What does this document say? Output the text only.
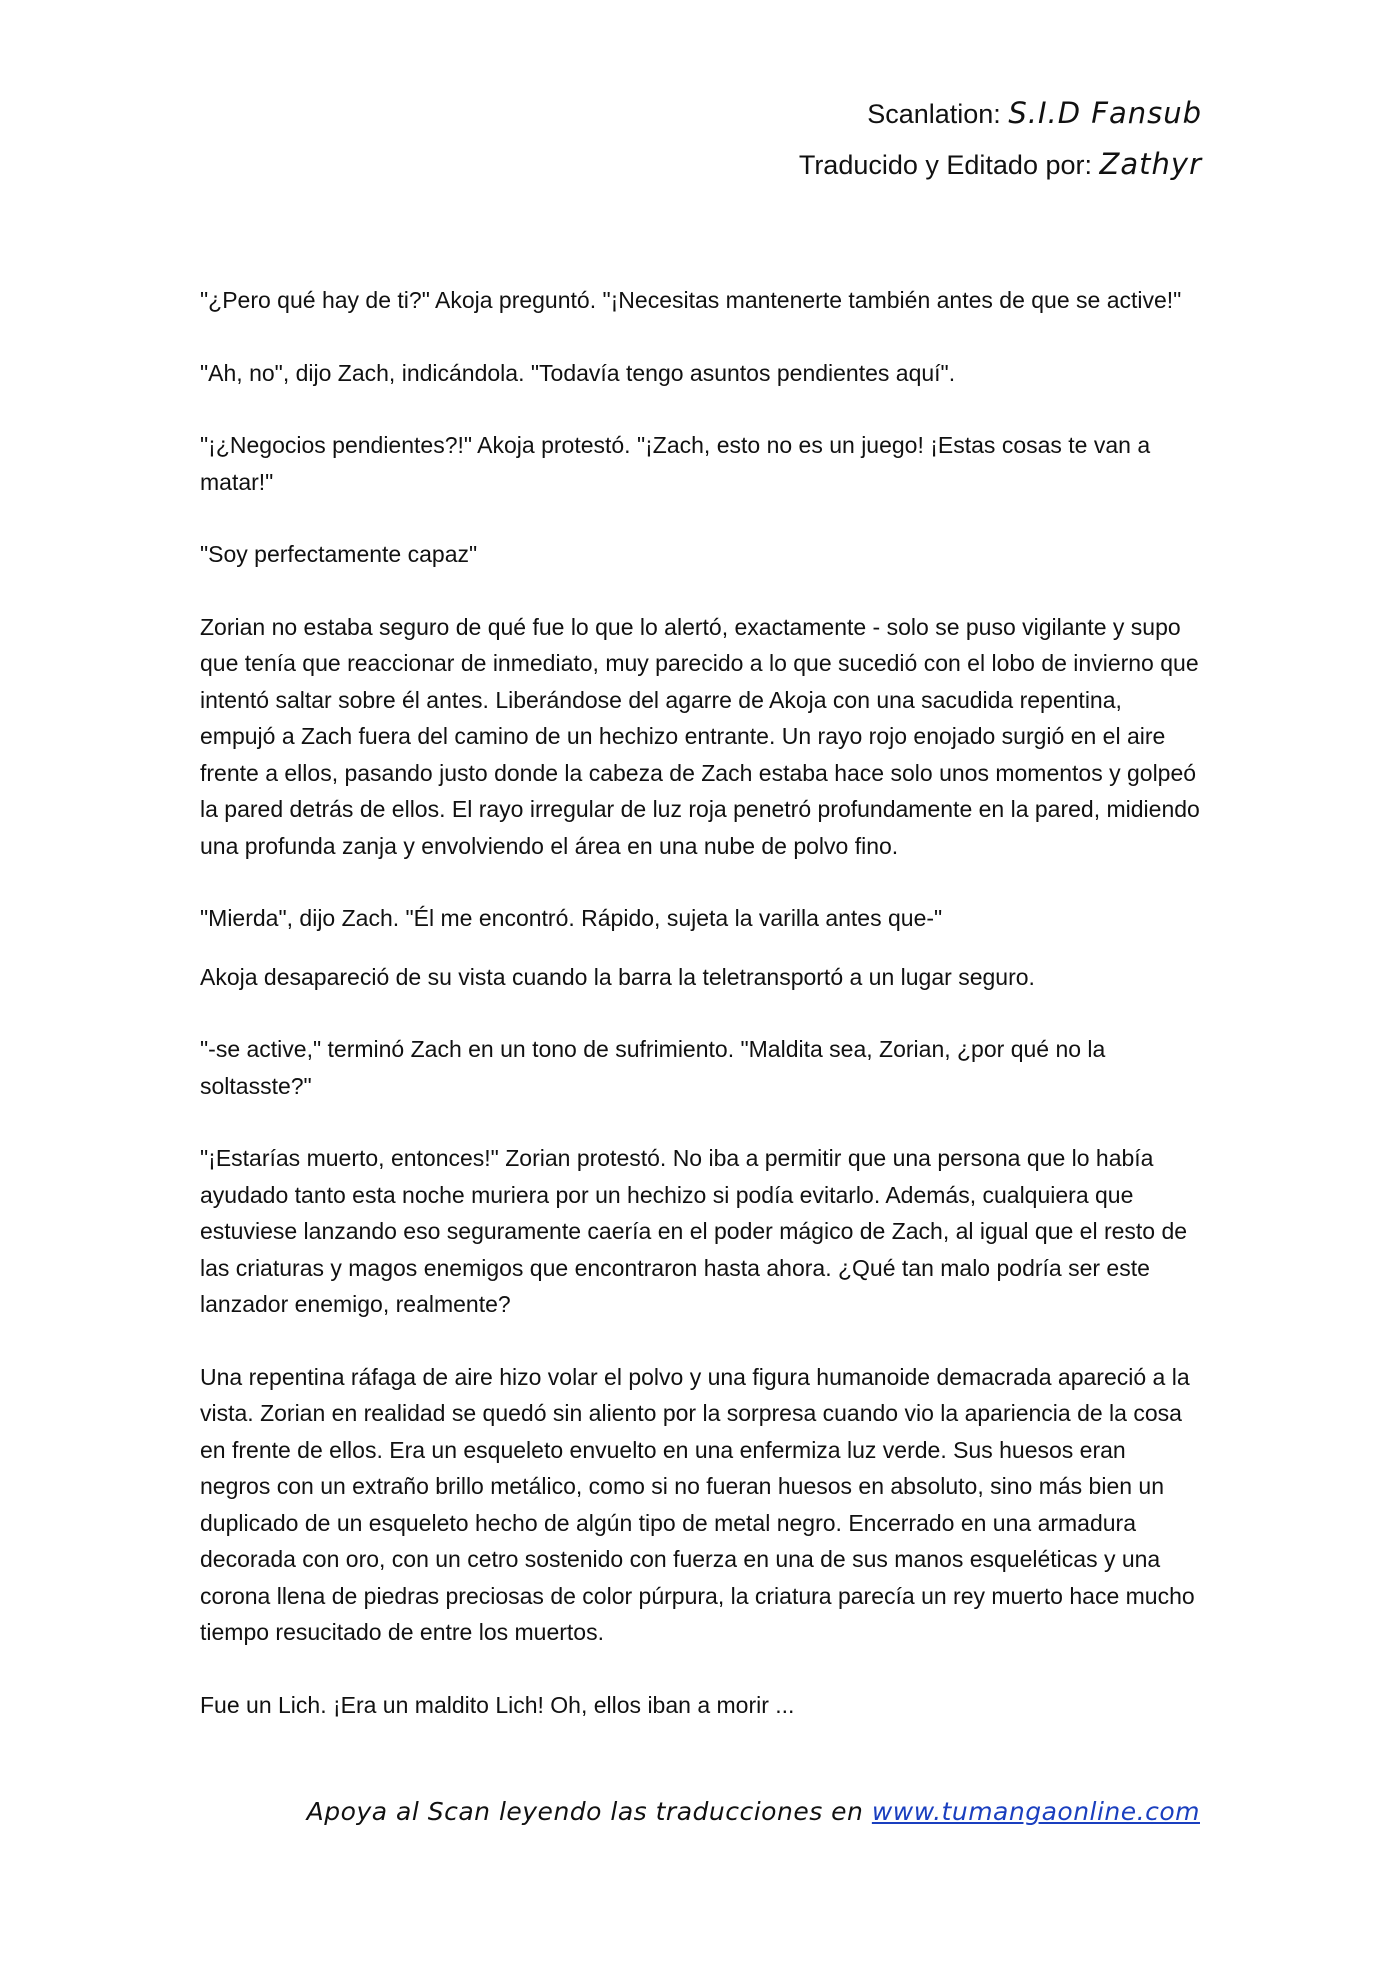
Scanlation: S.I.D Fansub
Traducido y Editado por: Zathyr

"¿Pero qué hay de ti?" Akoja preguntó. "¡Necesitas mantenerte también antes de que se active!"

"Ah, no", dijo Zach, indicándola. "Todavía tengo asuntos pendientes aquí".

"¡¿Negocios pendientes?!" Akoja protestó. "¡Zach, esto no es un juego! ¡Estas cosas te van a matar!"

"Soy perfectamente capaz"

Zorian no estaba seguro de qué fue lo que lo alertó, exactamente - solo se puso vigilante y supo que tenía que reaccionar de inmediato, muy parecido a lo que sucedió con el lobo de invierno que intentó saltar sobre él antes. Liberándose del agarre de Akoja con una sacudida repentina, empujó a Zach fuera del camino de un hechizo entrante. Un rayo rojo enojado surgió en el aire frente a ellos, pasando justo donde la cabeza de Zach estaba hace solo unos momentos y golpeó la pared detrás de ellos. El rayo irregular de luz roja penetró profundamente en la pared, midiendo una profunda zanja y envolviendo el área en una nube de polvo fino.

"Mierda", dijo Zach. "Él me encontró. Rápido, sujeta la varilla antes que-"

Akoja desapareció de su vista cuando la barra la teletransportó a un lugar seguro.

"-se active," terminó Zach en un tono de sufrimiento. "Maldita sea, Zorian, ¿por qué no la soltasste?"

"¡Estarías muerto, entonces!" Zorian protestó. No iba a permitir que una persona que lo había ayudado tanto esta noche muriera por un hechizo si podía evitarlo. Además, cualquiera que estuviese lanzando eso seguramente caería en el poder mágico de Zach, al igual que el resto de las criaturas y magos enemigos que encontraron hasta ahora. ¿Qué tan malo podría ser este lanzador enemigo, realmente?

Una repentina ráfaga de aire hizo volar el polvo y una figura humanoide demacrada apareció a la vista. Zorian en realidad se quedó sin aliento por la sorpresa cuando vio la apariencia de la cosa en frente de ellos. Era un esqueleto envuelto en una enfermiza luz verde. Sus huesos eran negros con un extraño brillo metálico, como si no fueran huesos en absoluto, sino más bien un duplicado de un esqueleto hecho de algún tipo de metal negro. Encerrado en una armadura decorada con oro, con un cetro sostenido con fuerza en una de sus manos esqueléticas y una corona llena de piedras preciosas de color púrpura, la criatura parecía un rey muerto hace mucho tiempo resucitado de entre los muertos.

Fue un Lich. ¡Era un maldito Lich! Oh, ellos iban a morir ...

Apoya al Scan leyendo las traducciones en www.tumangaonline.com
